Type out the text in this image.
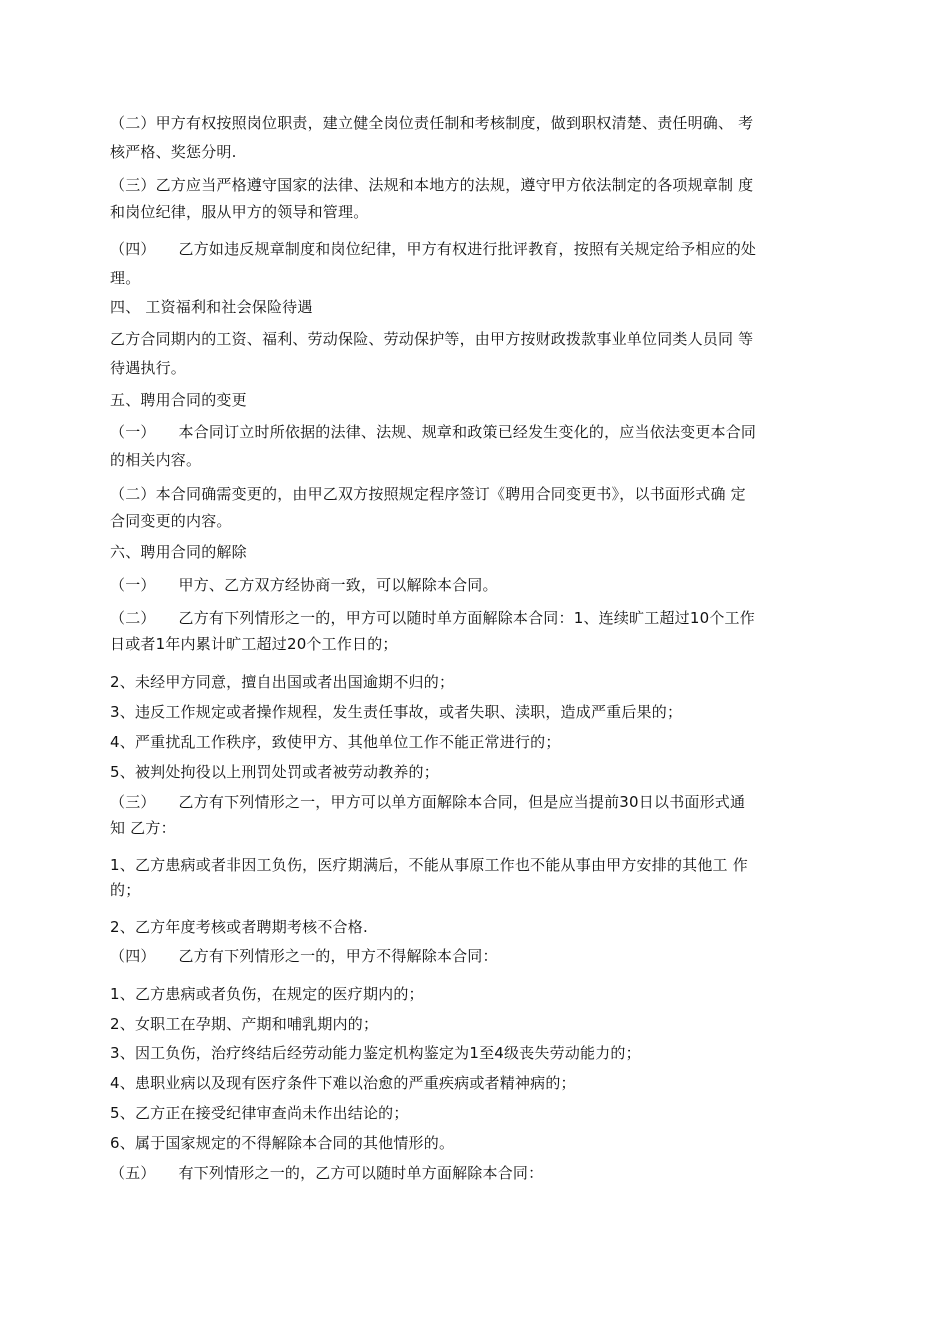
（二）甲方有权按照岗位职责，建立健全岗位责任制和考核制度，做到职权清楚、责任明确、 考
核严格、奖惩分明.
（三）乙方应当严格遵守国家的法律、法规和本地方的法规，遵守甲方依法制定的各项规章制 度
和岗位纪律，服从甲方的领导和管理。
（四）　　乙方如违反规章制度和岗位纪律，甲方有权进行批评教育，按照有关规定给予相应的处
理。
四、 工资福利和社会保险待遇
乙方合同期内的工资、福利、劳动保险、劳动保护等，由甲方按财政拨款事业单位同类人员同 等
待遇执行。
五、聘用合同的变更
（一）　　本合同订立时所依据的法律、法规、规章和政策已经发生变化的，应当依法变更本合同
的相关内容。
（二）本合同确需变更的，由甲乙双方按照规定程序签订《聘用合同变更书》，以书面形式确 定
合同变更的内容。
六、聘用合同的解除
（一）　　甲方、乙方双方经协商一致，可以解除本合同。
（二）　　乙方有下列情形之一的，甲方可以随时单方面解除本合同：1、连续旷工超过10个工作
日或者1年内累计旷工超过20个工作日的；
2、未经甲方同意，擅自出国或者出国逾期不归的；
3、违反工作规定或者操作规程，发生责任事故，或者失职、渎职，造成严重后果的；
4、严重扰乱工作秩序，致使甲方、其他单位工作不能正常进行的；
5、被判处拘役以上刑罚处罚或者被劳动教养的；
（三）　　乙方有下列情形之一，甲方可以单方面解除本合同，但是应当提前30日以书面形式通
知 乙方：
1、乙方患病或者非因工负伤，医疗期满后，不能从事原工作也不能从事由甲方安排的其他工 作
的；
2、乙方年度考核或者聘期考核不合格.
（四）　　乙方有下列情形之一的，甲方不得解除本合同：
1、乙方患病或者负伤，在规定的医疗期内的；
2、女职工在孕期、产期和哺乳期内的；
3、因工负伤，治疗终结后经劳动能力鉴定机构鉴定为1至4级丧失劳动能力的；
4、患职业病以及现有医疗条件下难以治愈的严重疾病或者精神病的；
5、乙方正在接受纪律审查尚未作出结论的；
6、属于国家规定的不得解除本合同的其他情形的。
（五）　　有下列情形之一的，乙方可以随时单方面解除本合同：
